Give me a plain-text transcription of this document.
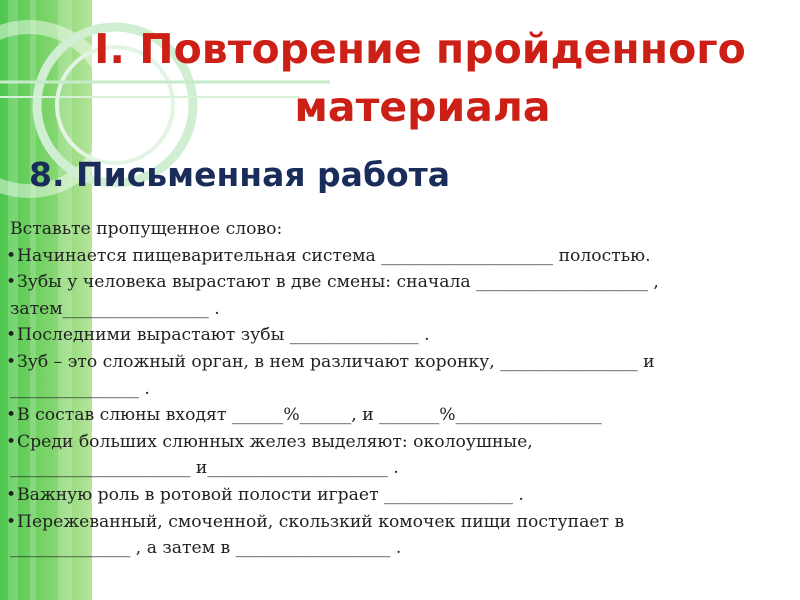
I. Повторение пройденного
материала
8. Письменная работа
Вставьте пропущенное слово:
•Начинается пищеварительная система ____________________ полостью.
•Зубы у человека вырастают в две смены: сначала ____________________ ,
затем_________________ .
•Последними вырастают зубы _______________ .
•Зуб – это сложный орган, в нем различают коронку, ________________ и
_______________ .
•В состав слюны входят ______%______, и _______%_________________
•Среди больших слюнных желез выделяют: околоушные,
_____________________ и_____________________ .
•Важную роль в ротовой полости играет _______________ .
•Пережеванный, смоченной, скользкий комочек пищи поступает в
______________ , а затем в __________________ .
